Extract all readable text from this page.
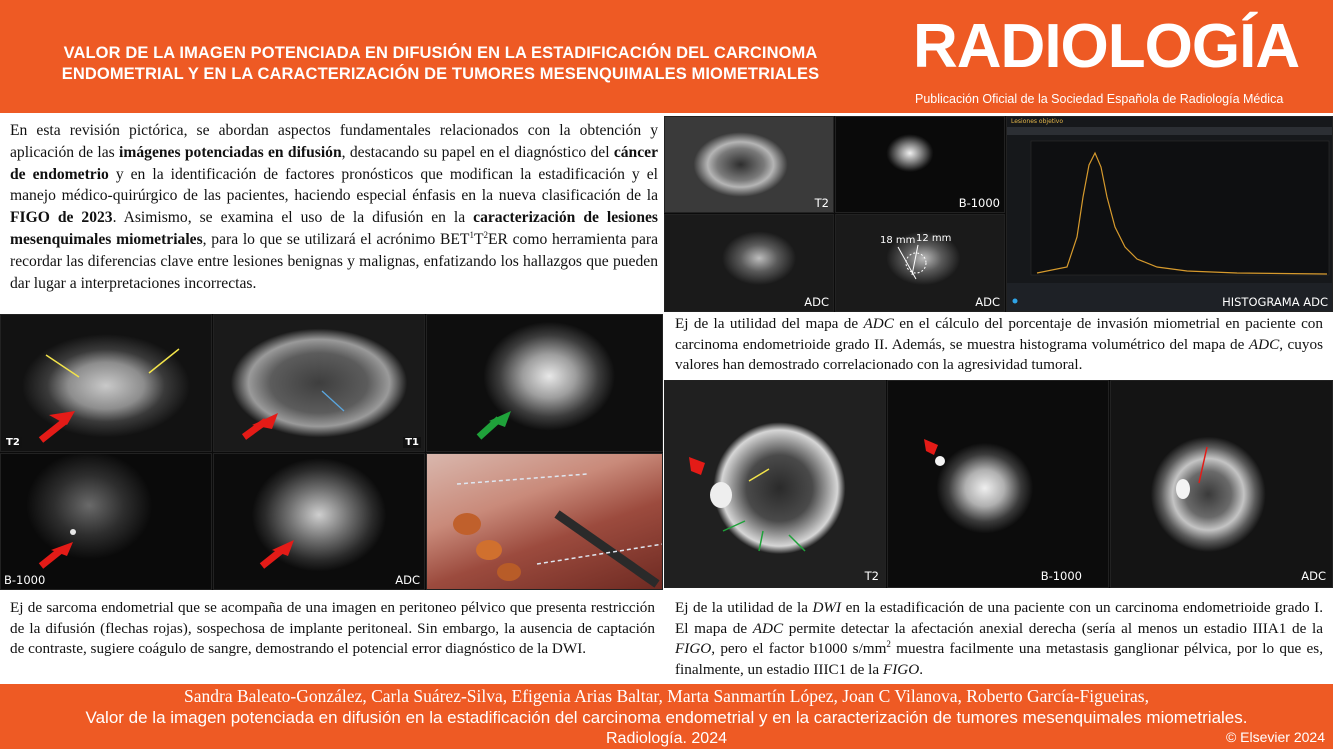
VALOR DE LA IMAGEN POTENCIADA EN DIFUSIÓN EN LA ESTADIFICACIÓN DEL CARCINOMA
ENDOMETRIAL Y EN LA CARACTERIZACIÓN DE TUMORES MESENQUIMALES MIOMETRIALES	RADIOLOGÍA
Publicación Oficial de la Sociedad Española de Radiología Médica
En esta revisión pictórica, se abordan aspectos fundamentales relacionados con la obtención y aplicación de las imágenes potenciadas en difusión, destacando su papel en el diagnóstico del cáncer de endometrio y en la identificación de factores pronósticos que modifican la estadificación y el manejo médico-quirúrgico de las pacientes, haciendo especial énfasis en la nueva clasificación de la FIGO de 2023. Asimismo, se examina el uso de la difusión en la caracterización de lesiones mesenquimales miometriales, para lo que se utilizará el acrónimo $BET^1T^2ER$ como herramienta para recordar las diferencias clave entre lesiones benignas y malignas, enfatizando los hallazgos que pueden dar lugar a interpretaciones incorrectas.
T2	T1
B-1000	ADC
Ej de sarcoma endometrial que se acompaña de una imagen en peritoneo pélvico que presenta restricción de la difusión (flechas rojas), sospechosa de implante peritoneal. Sin embargo, la ausencia de captación de contraste, sugiere coágulo de sangre, demostrando el potencial error diagnóstico de la DWI.
T2	B-1000
ADC
18 mm 12 mm
ADC
Lesiones objetivo
HISTOGRAMA ADC
Ej de la utilidad del mapa de ADC en el cálculo del porcentaje de invasión miometrial en paciente con carcinoma endometrioide grado II. Además, se muestra histograma volumétrico del mapa de ADC, cuyos valores han demostrado correlacionado con la agresividad tumoral.
T2	B-1000	ADC
Ej de la utilidad de la DWI en la estadificación de una paciente con un carcinoma endometrioide grado I. El mapa de ADC permite detectar la afectación anexial derecha (sería al menos un estadio IIIA1 de la FIGO, pero el factor b1000 $s/mm^2$ muestra facilmente una metastasis ganglionar pélvica, por lo que es, finalmente, un estadio IIIC1 de la FIGO.
Sandra Baleato-González, Carla Suárez-Silva, Efigenia Arias Baltar, Marta Sanmartín López, Joan C Vilanova, Roberto García-Figueiras,
Valor de la imagen potenciada en difusión en la estadificación del carcinoma endometrial y en la caracterización de tumores mesenquimales miometriales.
Radiología. 2024	© Elsevier 2024
